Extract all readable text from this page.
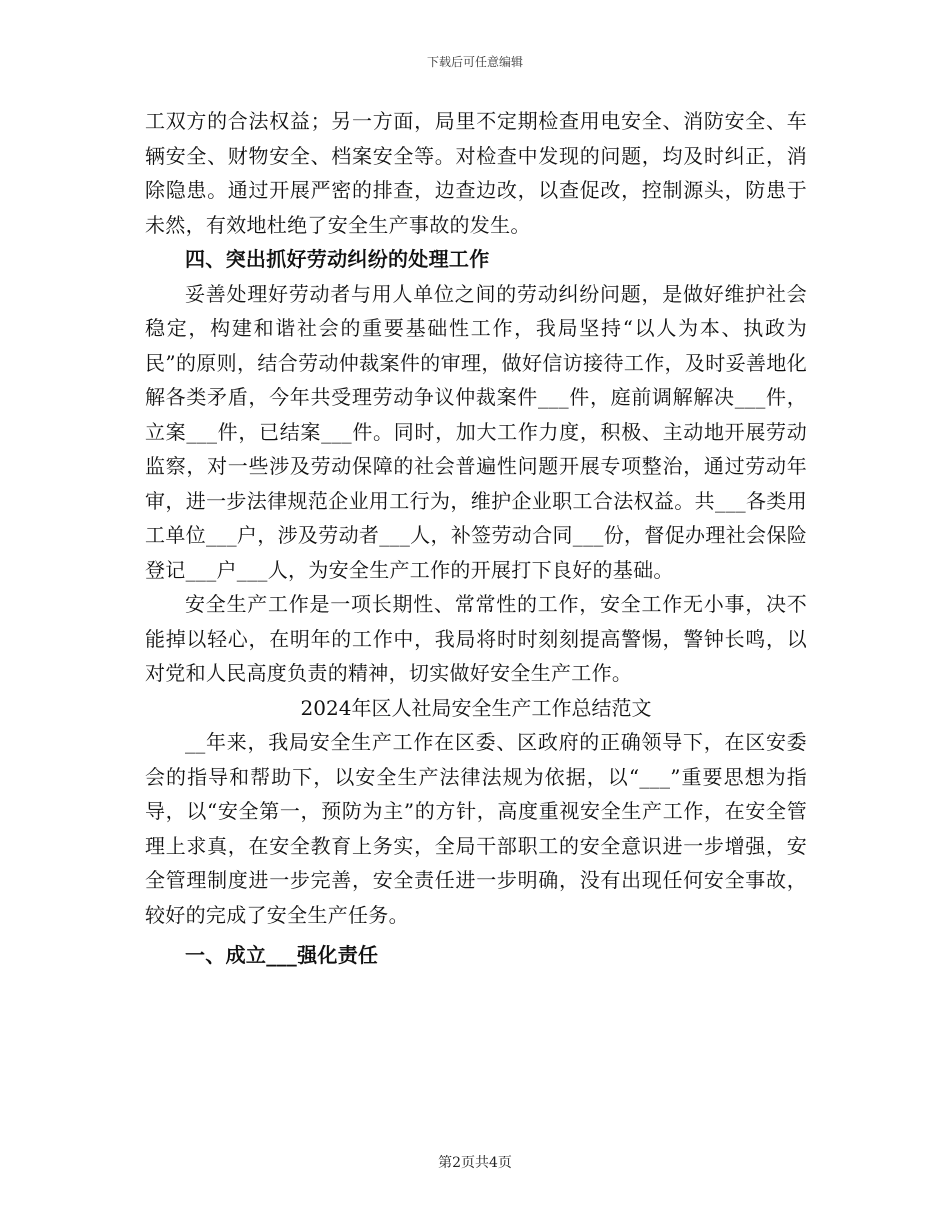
下载后可任意编辑

工双方的合法权益；另一方面，局里不定期检查用电安全、消防安全、车辆安全、财物安全、档案安全等。对检查中发现的问题，均及时纠正，消除隐患。通过开展严密的排查，边查边改，以查促改，控制源头，防患于未然，有效地杜绝了安全生产事故的发生。

四、突出抓好劳动纠纷的处理工作

妥善处理好劳动者与用人单位之间的劳动纠纷问题，是做好维护社会稳定，构建和谐社会的重要基础性工作，我局坚持“以人为本、执政为民”的原则，结合劳动仲裁案件的审理，做好信访接待工作，及时妥善地化解各类矛盾，今年共受理劳动争议仲裁案件___件，庭前调解解决___件，立案___件，已结案___件。同时，加大工作力度，积极、主动地开展劳动监察，对一些涉及劳动保障的社会普遍性问题开展专项整治，通过劳动年审，进一步法律规范企业用工行为，维护企业职工合法权益。共___各类用工单位___户，涉及劳动者___人，补签劳动合同___份，督促办理社会保险登记___户___人，为安全生产工作的开展打下良好的基础。

安全生产工作是一项长期性、常常性的工作，安全工作无小事，决不能掉以轻心，在明年的工作中，我局将时时刻刻提高警惕，警钟长鸣，以对党和人民高度负责的精神，切实做好安全生产工作。

2024年区人社局安全生产工作总结范文

__年来，我局安全生产工作在区委、区政府的正确领导下，在区安委会的指导和帮助下，以安全生产法律法规为依据，以“___”重要思想为指导，以“安全第一，预防为主”的方针，高度重视安全生产工作，在安全管理上求真，在安全教育上务实，全局干部职工的安全意识进一步增强，安全管理制度进一步完善，安全责任进一步明确，没有出现任何安全事故，较好的完成了安全生产任务。

一、成立___强化责任

第2页共4页
